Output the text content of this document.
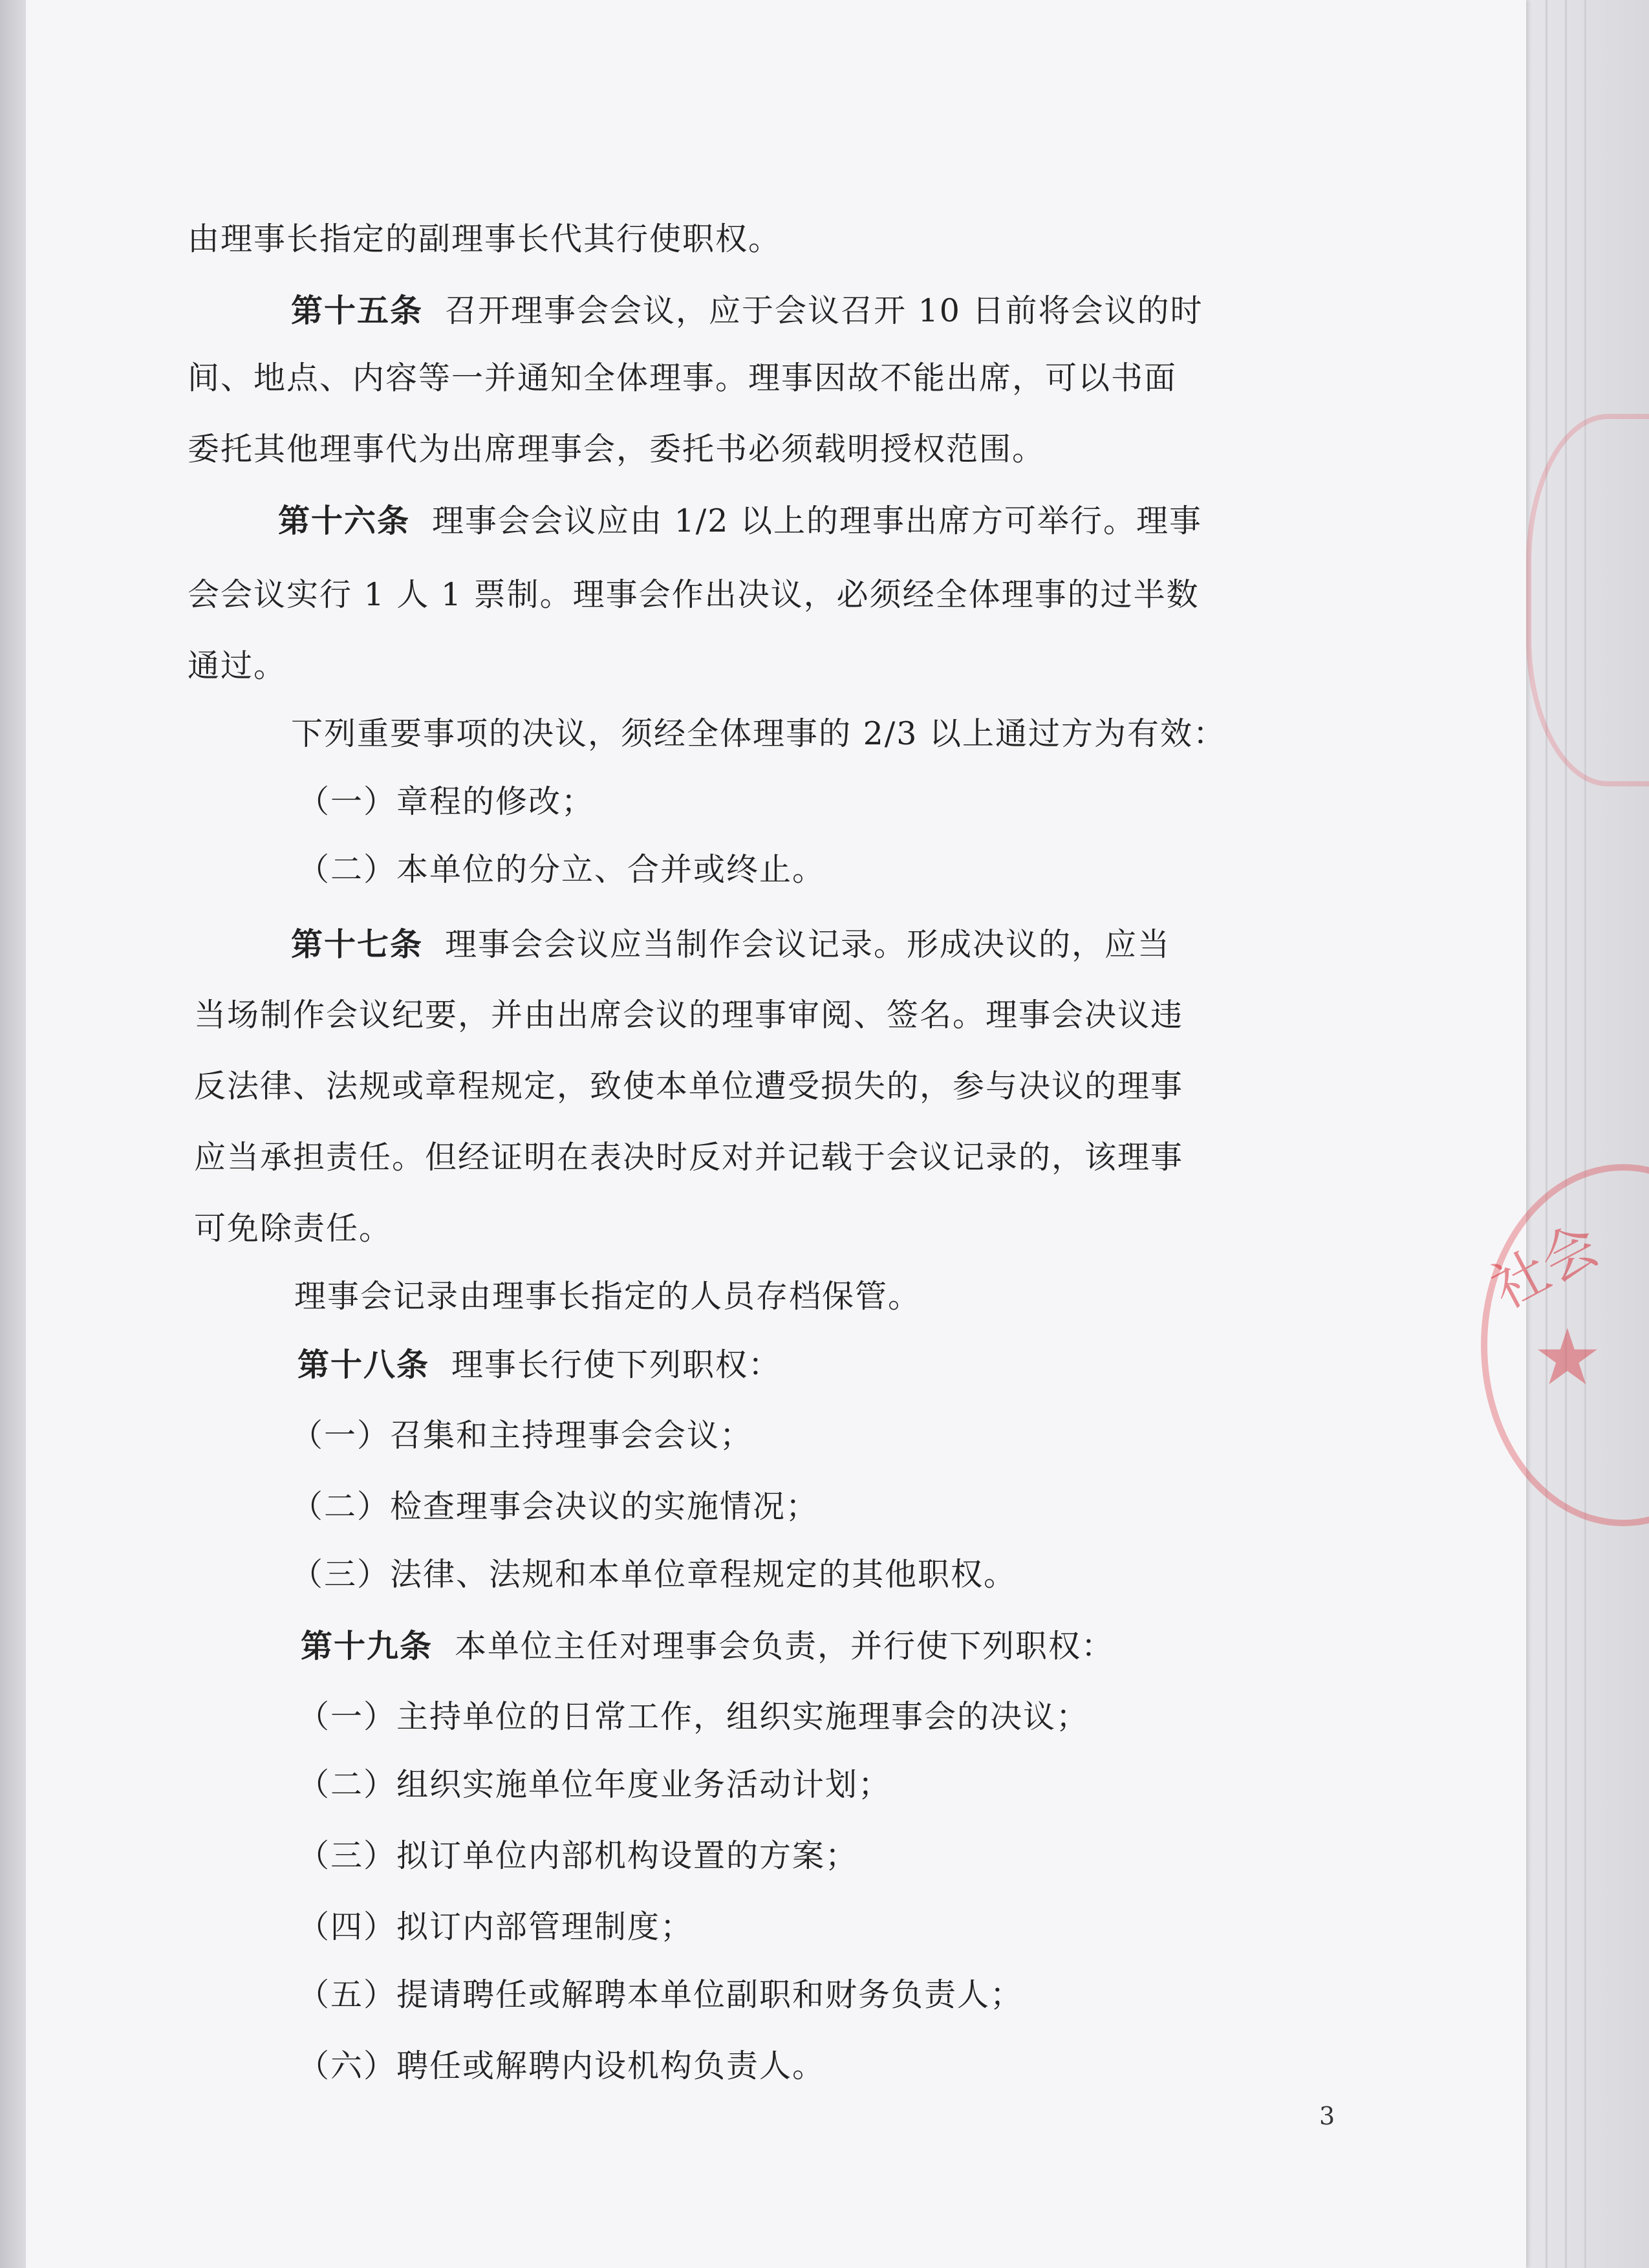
社会
★
由理事长指定的副理事长代其行使职权。
第十五条 召开理事会会议，应于会议召开 10 日前将会议的时
间、地点、内容等一并通知全体理事。理事因故不能出席，可以书面
委托其他理事代为出席理事会，委托书必须载明授权范围。
第十六条 理事会会议应由 1/2 以上的理事出席方可举行。理事
会会议实行 1 人 1 票制。理事会作出决议，必须经全体理事的过半数
通过。
下列重要事项的决议，须经全体理事的 2/3 以上通过方为有效：
（一）章程的修改；
（二）本单位的分立、合并或终止。
第十七条 理事会会议应当制作会议记录。形成决议的，应当
当场制作会议纪要，并由出席会议的理事审阅、签名。理事会决议违
反法律、法规或章程规定，致使本单位遭受损失的，参与决议的理事
应当承担责任。但经证明在表决时反对并记载于会议记录的，该理事
可免除责任。
理事会记录由理事长指定的人员存档保管。
第十八条 理事长行使下列职权：
（一）召集和主持理事会会议；
（二）检查理事会决议的实施情况；
（三）法律、法规和本单位章程规定的其他职权。
第十九条 本单位主任对理事会负责，并行使下列职权：
（一）主持单位的日常工作，组织实施理事会的决议；
（二）组织实施单位年度业务活动计划；
（三）拟订单位内部机构设置的方案；
（四）拟订内部管理制度；
（五）提请聘任或解聘本单位副职和财务负责人；
（六）聘任或解聘内设机构负责人。
3
